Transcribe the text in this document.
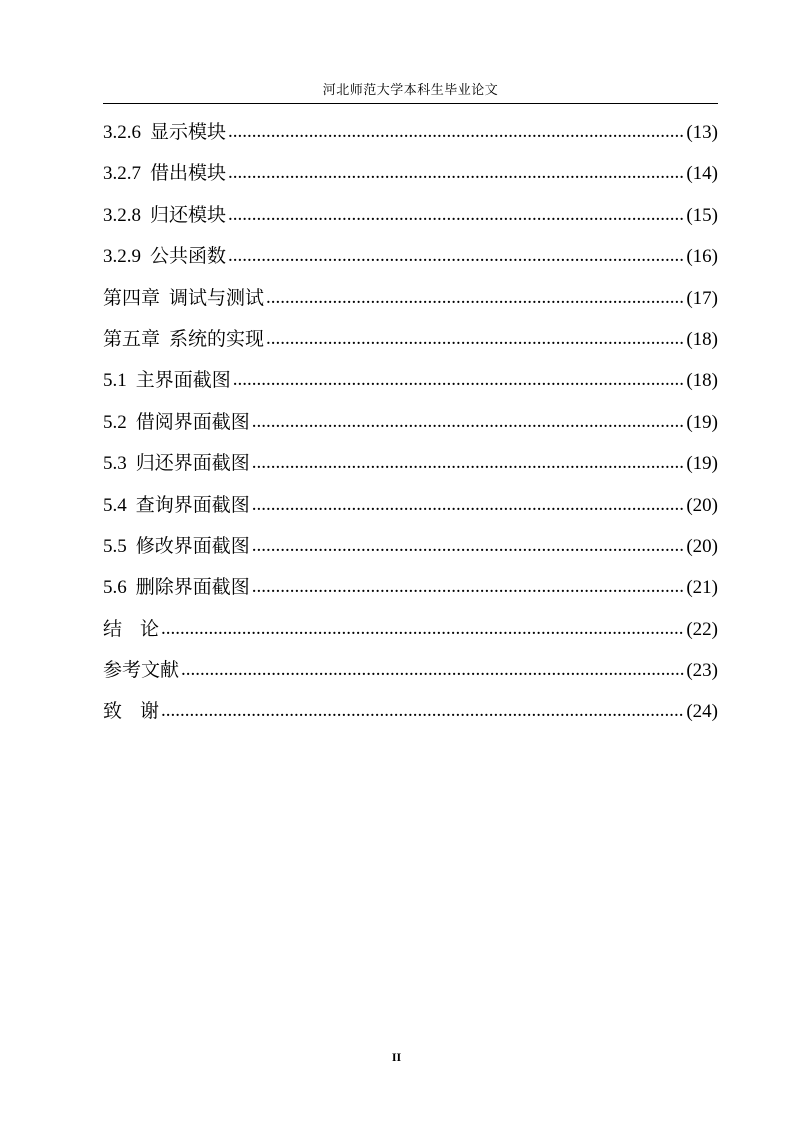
河北师范大学本科生毕业论文
3.2.6 显示模块 .....	(13)
3.2.7 借出模块 .....	(14)
3.2.8 归还模块 .....	(15)
3.2.9 公共函数 .....	(16)
第四章 调试与测试 .....	(17)
第五章 系统的实现 .....	(18)
5.1 主界面截图 .....	(18)
5.2 借阅界面截图 .....	(19)
5.3 归还界面截图 .....	(19)
5.4 查询界面截图 .....	(20)
5.5 修改界面截图 .....	(20)
5.6 删除界面截图 .....	(21)
结 论 .....	(22)
参考文献 .....	(23)
致 谢 .....	(24)
II
